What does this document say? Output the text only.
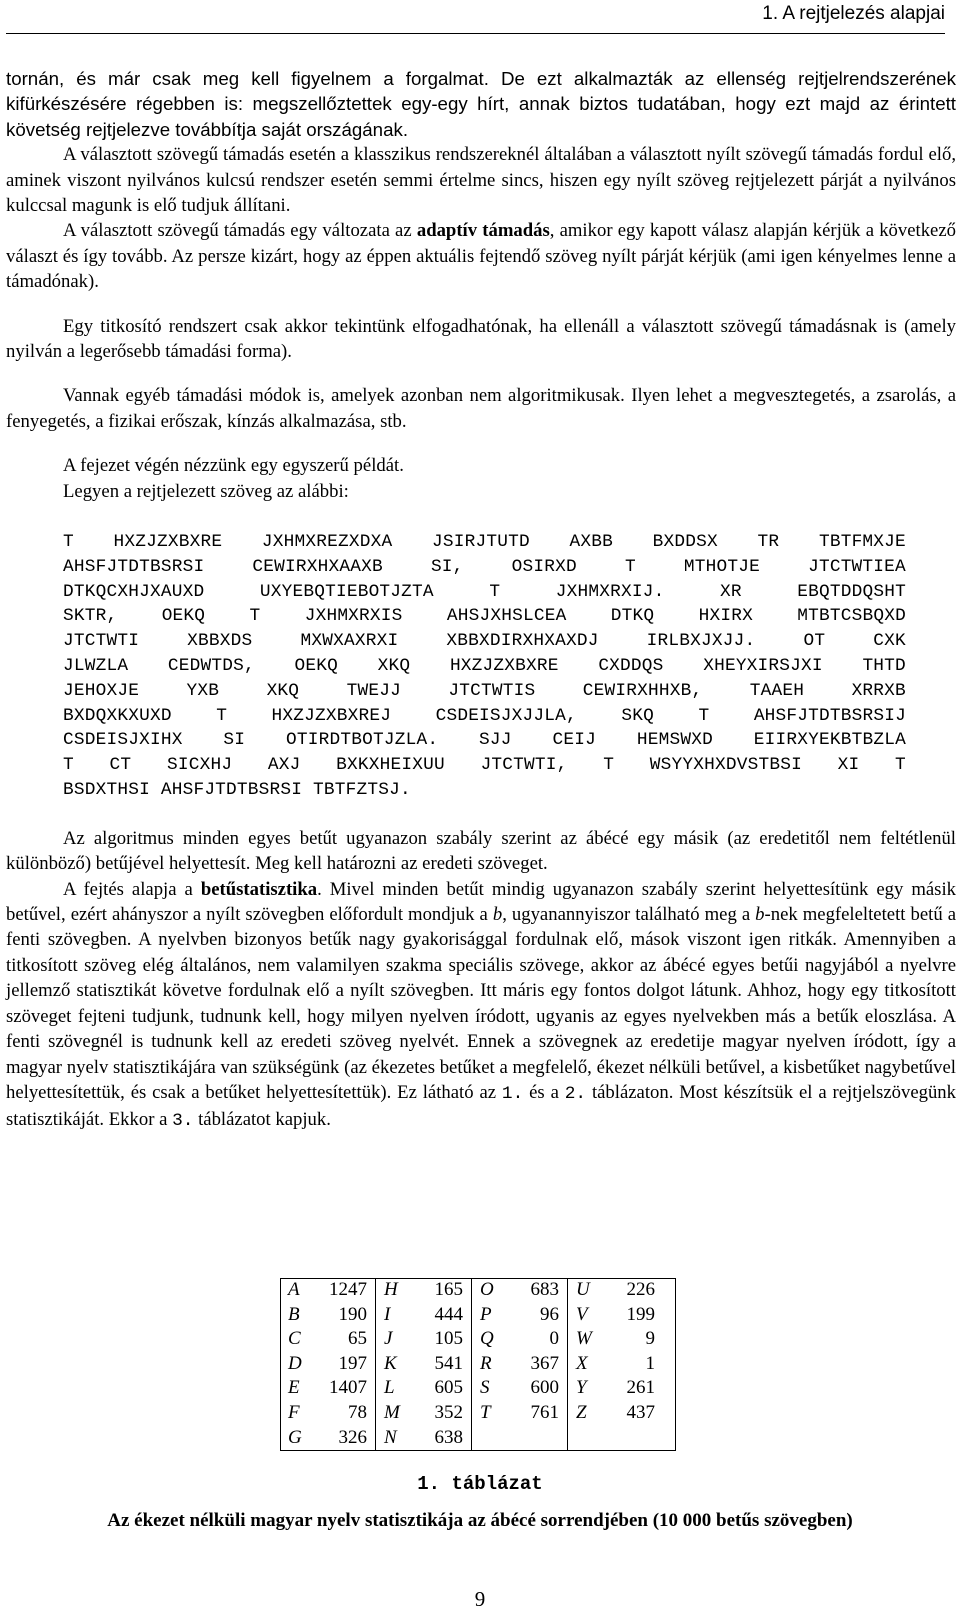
1. A rejtjelezés alapjai

tornán, és már csak meg kell figyelnem a forgalmat. De ezt alkalmazták az ellenség rejtjelrendszerének kifürkészésére régebben is: megszellőztettek egy-egy hírt, annak biztos tudatában, hogy ezt majd az érintett követség rejtjelezve továbbítja saját országának.

A választott szövegű támadás esetén a klasszikus rendszereknél általában a választott nyílt szövegű támadás fordul elő, aminek viszont nyilvános kulcsú rendszer esetén semmi értelme sincs, hiszen egy nyílt szöveg rejtjelezett párját a nyilvános kulccsal magunk is elő tudjuk állítani.

A választott szövegű támadás egy változata az adaptív támadás, amikor egy kapott válasz alapján kérjük a következő választ és így tovább. Az persze kizárt, hogy az éppen aktuális fejtendő szöveg nyílt párját kérjük (ami igen kényelmes lenne a támadónak).

Egy titkosító rendszert csak akkor tekintünk elfogadhatónak, ha ellenáll a választott szövegű támadásnak is (amely nyilván a legerősebb támadási forma).

Vannak egyéb támadási módok is, amelyek azonban nem algoritmikusak. Ilyen lehet a megvesztegetés, a zsarolás, a fenyegetés, a fizikai erőszak, kínzás alkalmazása, stb.

A fejezet végén nézzünk egy egyszerű példát.

Legyen a rejtjelezett szöveg az alábbi:

T HXZJZXBXRE JXHMXREZXDXA JSIRJTUTD AXBB BXDDSX TR TBTFMXJE
AHSFJTDTBSRSI	CEWIRXHXAAXB	SI,	OSIRXD	T	MTHOTJE	JTCTWTIEA
DTKQCXHJXAUXD	UXYEBQTIEBOTJZTA	T	JXHMXRXIJ.	XR	EBQTDDQSHT
SKTR, OEKQ T JXHMXRXIS AHSJXHSLCEA DTKQ HXIRX MTBTCSBQXD
JTCTWTI	XBBXDS	MXWXAXRXI	XBBXDIRXHXAXDJ	IRLBXJXJJ.	OT	CXK
JLWZLA CEDWTDS, OEKQ XKQ HXZJZXBXRE CXDDQS XHEYXIRSJXI THTD
JEHOXJE	YXB	XKQ	TWEJJ	JTCTWTIS	CEWIRXHHXB,	TAAEH	XRRXB
BXDQXKXUXD T HXZJZXBXREJ CSDEISJXJJLA, SKQ T AHSFJTDTBSRSIJ
CSDEISJXIHX SI OTIRDTBOTJZLA. SJJ CEIJ HEMSWXD EIIRXYEKBTBZLA
T CT SICXHJ AXJ BXKXHEIXUU JTCTWTI, T WSYYXHXDVSTBSI XI T
BSDXTHSI AHSFJTDTBSRSI TBTFZTSJ.

Az algoritmus minden egyes betűt ugyanazon szabály szerint az ábécé egy másik (az eredetitől nem feltétlenül különböző) betűjével helyettesít. Meg kell határozni az eredeti szöveget.

A fejtés alapja a betűstatisztika. Mivel minden betűt mindig ugyanazon szabály szerint helyettesítünk egy másik betűvel, ezért ahányszor a nyílt szövegben előfordult mondjuk a b, ugyanannyiszor található meg a b-nek megfeleltetett betű a fenti szövegben. A nyelvben bizonyos betűk nagy gyakorisággal fordulnak elő, mások viszont igen ritkák. Amennyiben a titkosított szöveg elég általános, nem valamilyen szakma speciális szövege, akkor az ábécé egyes betűi nagyjából a nyelvre jellemző statisztikát követve fordulnak elő a nyílt szövegben. Itt máris egy fontos dolgot látunk. Ahhoz, hogy egy titkosított szöveget fejteni tudjunk, tudnunk kell, hogy milyen nyelven íródott, ugyanis az egyes nyelvekben más a betűk eloszlása. A fenti szövegnél is tudnunk kell az eredeti szöveg nyelvét. Ennek a szövegnek az eredetije magyar nyelven íródott, így a magyar nyelv statisztikájára van szükségünk (az ékezetes betűket a megfelelő, ékezet nélküli betűvel, a kisbetűket nagybetűvel helyettesítettük, és csak a betűket helyettesítettük). Ez látható az 1. és a 2. táblázaton. Most készítsük el a rejtjelszövegünk statisztikáját. Ekkor a 3. táblázatot kapjuk.

A	1247	H	165	O	683	U	226
B	190	I	444	P	96	V	199
C	65	J	105	Q	0	W	9
D	197	K	541	R	367	X	1
E	1407	L	605	S	600	Y	261
F	78	M	352	T	761	Z	437
G	326	N	638				
1. táblázat
Az ékezet nélküli magyar nyelv statisztikája az ábécé sorrendjében (10 000 betűs szövegben)
9
